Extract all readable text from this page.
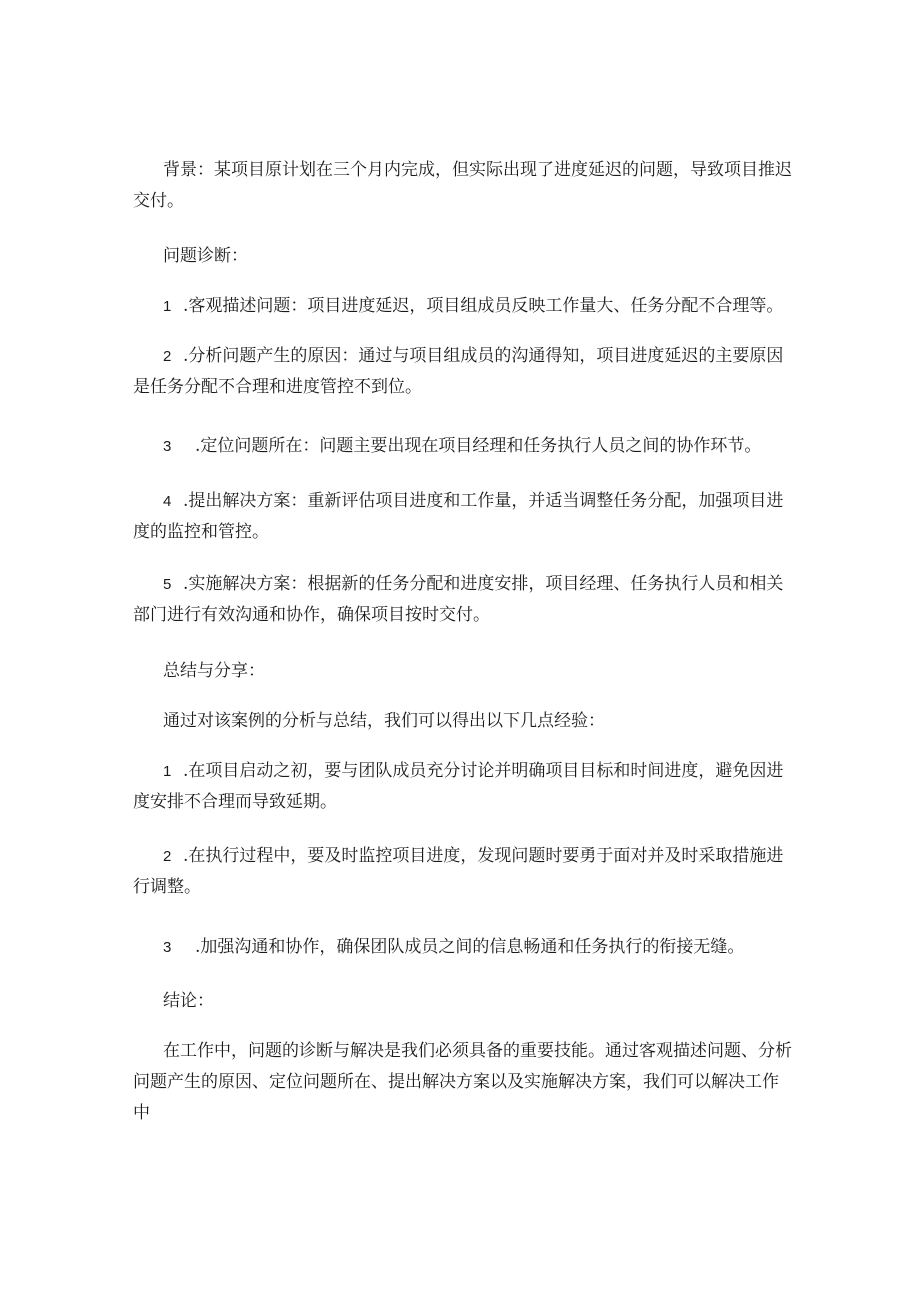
背景：某项目原计划在三个月内完成，但实际出现了进度延迟的问题，导致项目推迟交付。

问题诊断：

1 .客观描述问题：项目进度延迟，项目组成员反映工作量大、任务分配不合理等。

2 .分析问题产生的原因：通过与项目组成员的沟通得知，项目进度延迟的主要原因是任务分配不合理和进度管控不到位。

3 .定位问题所在：问题主要出现在项目经理和任务执行人员之间的协作环节。

4 .提出解决方案：重新评估项目进度和工作量，并适当调整任务分配，加强项目进度的监控和管控。

5 .实施解决方案：根据新的任务分配和进度安排，项目经理、任务执行人员和相关部门进行有效沟通和协作，确保项目按时交付。

总结与分享：

通过对该案例的分析与总结，我们可以得出以下几点经验：

1 .在项目启动之初，要与团队成员充分讨论并明确项目目标和时间进度，避免因进度安排不合理而导致延期。

2 .在执行过程中，要及时监控项目进度，发现问题时要勇于面对并及时采取措施进行调整。

3 .加强沟通和协作，确保团队成员之间的信息畅通和任务执行的衔接无缝。

结论：

在工作中，问题的诊断与解决是我们必须具备的重要技能。通过客观描述问题、分析问题产生的原因、定位问题所在、提出解决方案以及实施解决方案，我们可以解决工作中
